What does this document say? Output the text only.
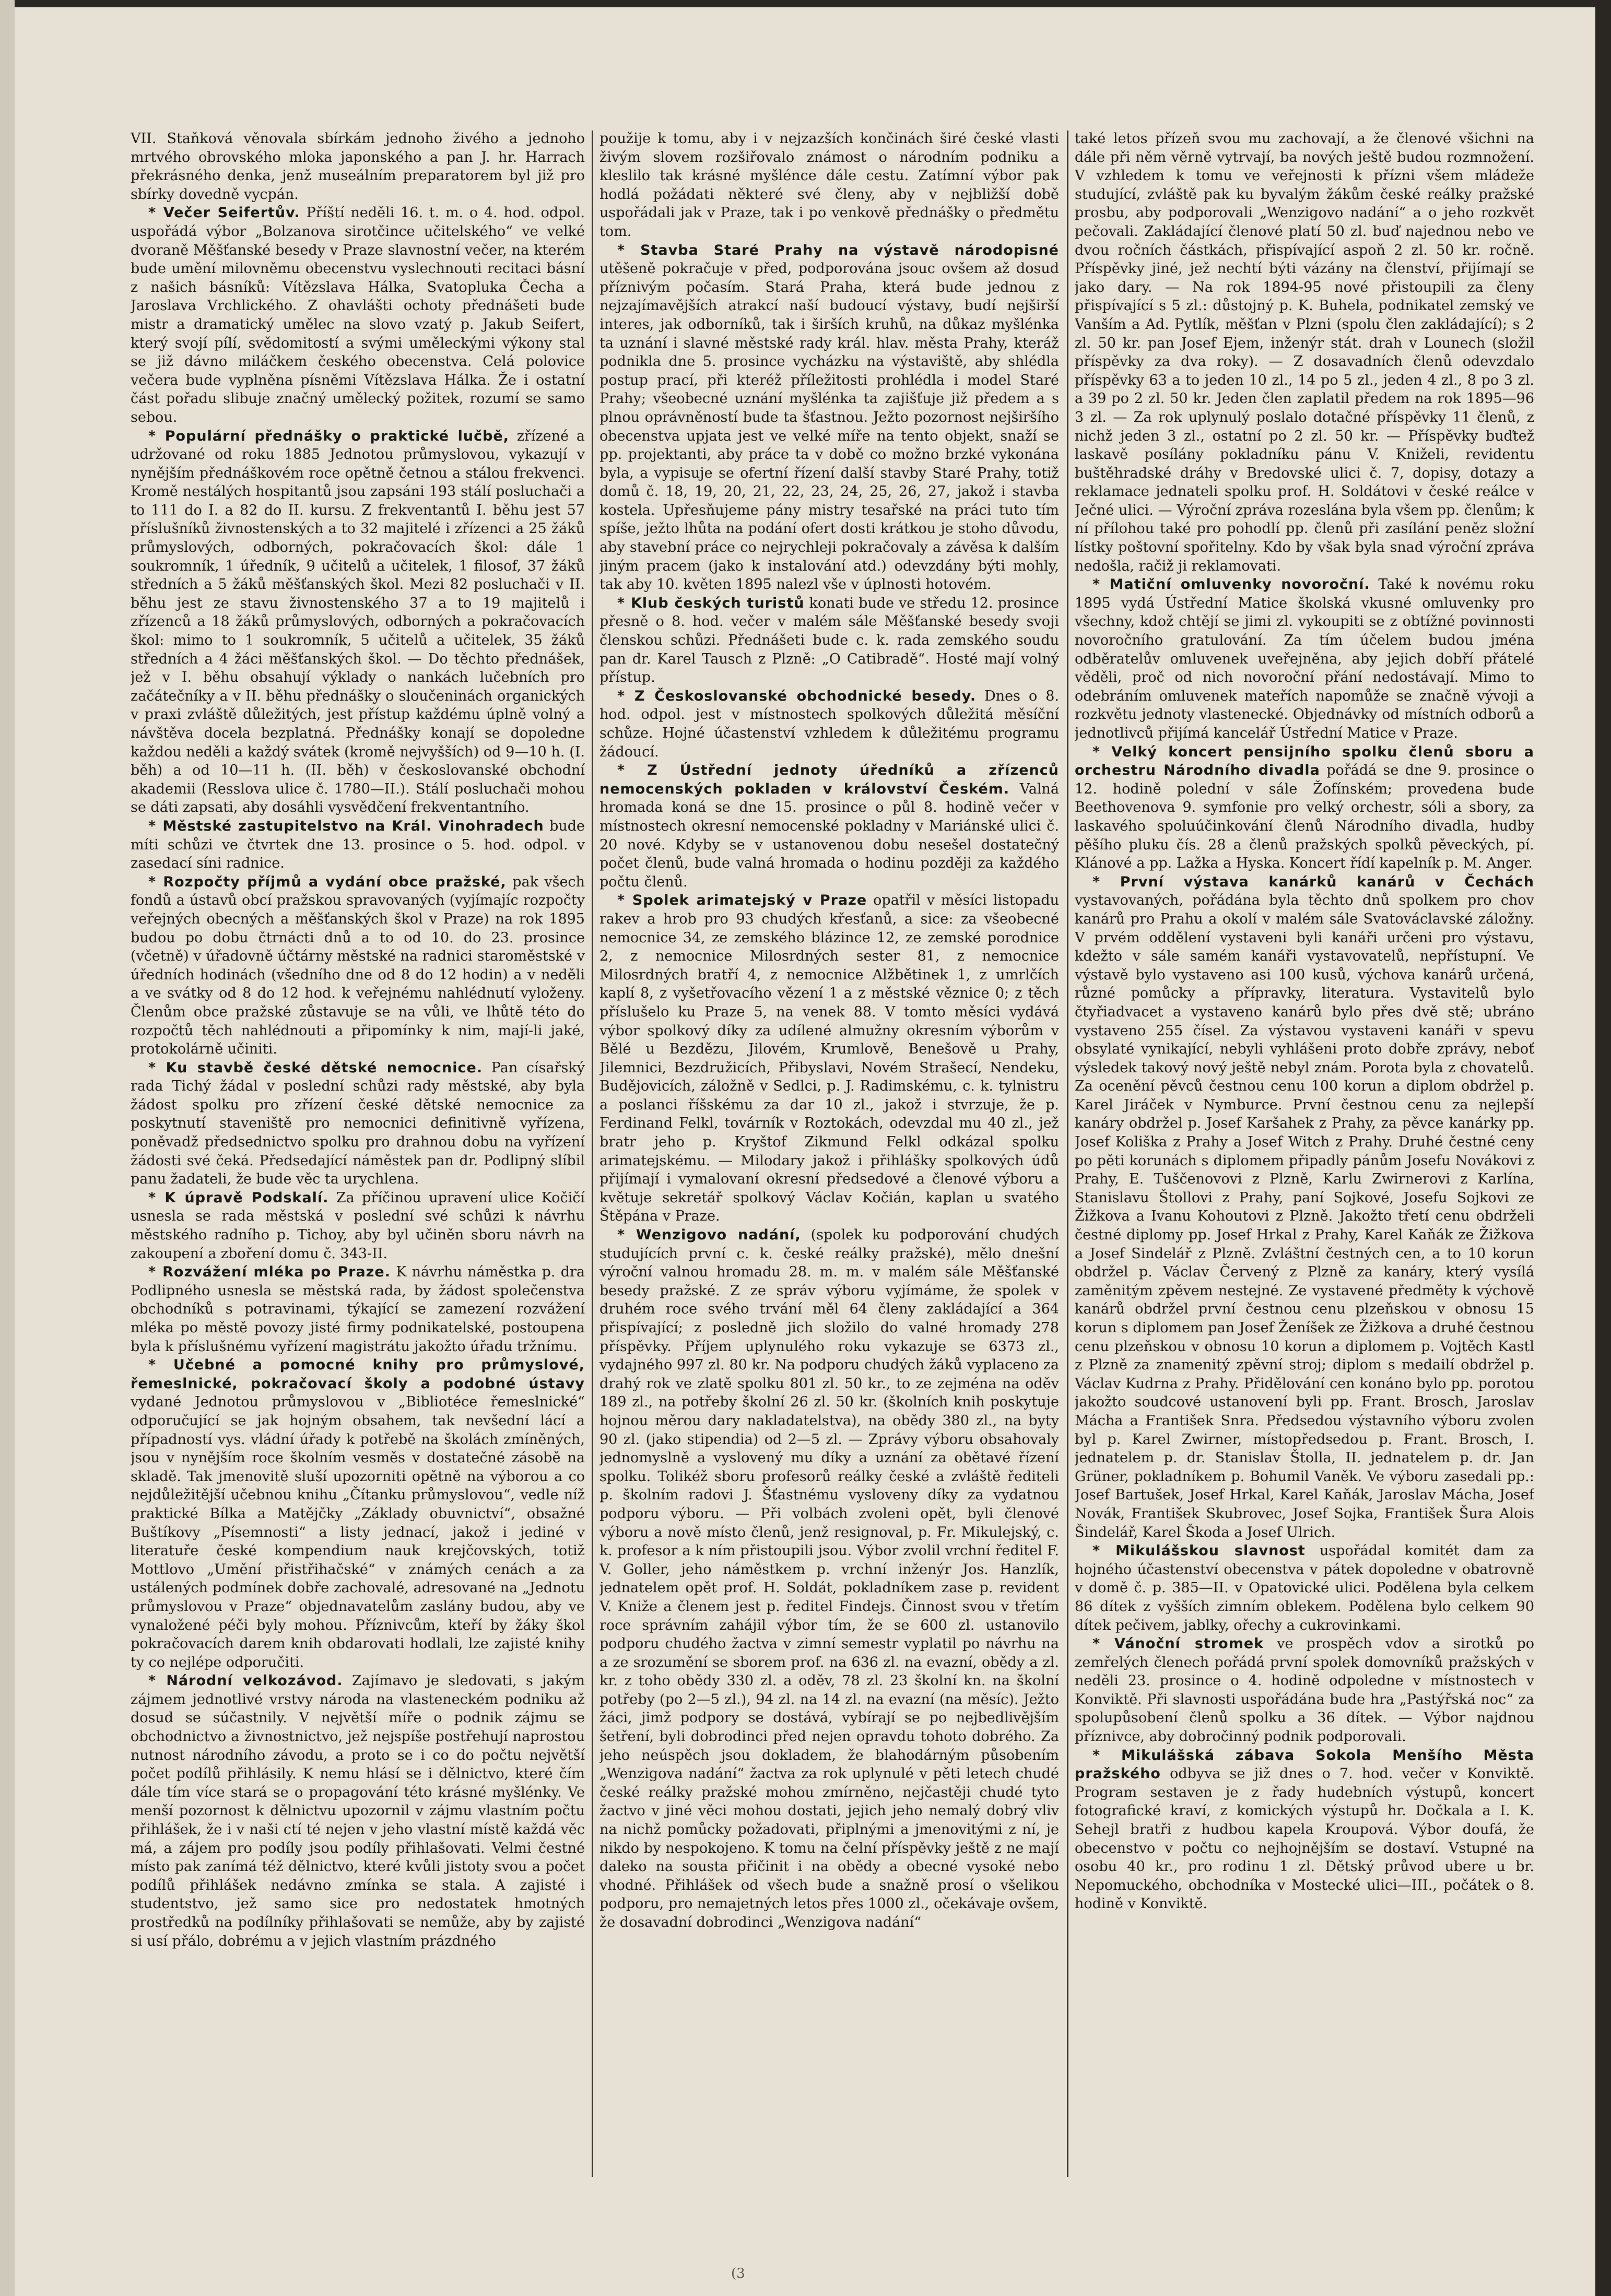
VII. Staňková věnovala sbírkám jednoho živého a jednoho mrtvého obrovského mloka japonského a pan J. hr. Harrach překrásného denka, jenž museálním preparatorem byl již pro sbírky dovedně vycpán.

* Večer Seifertův. Příští neděli 16. t. m. o 4. hod. odpol. uspořádá výbor „Bolzanova sirotčince učitelského“ ve velké dvoraně Měšťanské besedy v Praze slavnostní večer, na kterém bude umění milovněmu obecenstvu vyslechnouti recitaci básní z našich básníků: Vítězslava Hálka, Svatopluka Čecha a Jaroslava Vrchlického. Z ohavlášti ochoty přednášeti bude mistr a dramatický umělec na slovo vzatý p. Jakub Seifert, který svojí pílí, svědomitostí a svými uměleckými výkony stal se již dávno miláčkem českého obecenstva. Celá polovice večera bude vyplněna písněmi Vítězslava Hálka. Že i ostatní část pořadu slibuje značný umělecký požitek, rozumí se samo sebou.

* Populární přednášky o praktické lučbě, zřízené a udržované od roku 1885 Jednotou průmyslovou, vykazují v nynějším přednáškovém roce opětně četnou a stálou frekvenci. Kromě nestálých hospitantů jsou zapsáni 193 stálí posluchači a to 111 do I. a 82 do II. kursu. Z frekventantů I. běhu jest 57 příslušníků živnostenských a to 32 majitelé i zřízenci a 25 žáků průmyslových, odborných, pokračovacích škol: dále 1 soukromník, 1 úředník, 9 učitelů a učitelek, 1 filosof, 37 žáků středních a 5 žáků měšťanských škol. Mezi 82 posluchači v II. běhu jest ze stavu živnostenského 37 a to 19 majitelů i zřízenců a 18 žáků průmyslových, odborných a pokračovacích škol: mimo to 1 soukromník, 5 učitelů a učitelek, 35 žáků středních a 4 žáci měšťanských škol. — Do těchto přednášek, jež v I. běhu obsahují výklady o nankách lučebních pro začátečníky a v II. běhu přednášky o sloučeninách organických v praxi zvláště důležitých, jest přístup každému úplně volný a návštěva docela bezplatná. Přednášky konají se dopoledne každou neděli a každý svátek (kromě nejvyšších) od 9—10 h. (I. běh) a od 10—11 h. (II. běh) v českoslovanské obchodní akademii (Resslova ulice č. 1780—II.). Stálí posluchači mohou se dáti zapsati, aby dosáhli vysvědčení frekventantního.

* Městské zastupitelstvo na Král. Vinohradech bude míti schůzi ve čtvrtek dne 13. prosince o 5. hod. odpol. v zasedací síni radnice.

* Rozpočty příjmů a vydání obce pražské, pak všech fondů a ústavů obcí pražskou spravovaných (vyjímajíc rozpočty veřejných obecných a měšťanských škol v Praze) na rok 1895 budou po dobu čtrnácti dnů a to od 10. do 23. prosince (včetně) v úřadovně účtárny městské na radnici staroměstské v úředních hodinách (všedního dne od 8 do 12 hodin) a v neděli a ve svátky od 8 do 12 hod. k veřejnému nahlédnutí vyloženy. Členům obce pražské zůstavuje se na vůli, ve lhůtě této do rozpočtů těch nahlédnouti a připomínky k nim, mají-li jaké, protokolárně učiniti.

* Ku stavbě české dětské nemocnice. Pan císařský rada Tichý žádal v poslední schůzi rady městské, aby byla žádost spolku pro zřízení české dětské nemocnice za poskytnutí staveniště pro nemocnici definitivně vyřízena, poněvadž předsednictvo spolku pro drahnou dobu na vyřízení žádosti své čeká. Předsedající náměstek pan dr. Podlipný slíbil panu žadateli, že bude věc ta urychlena.

* K úpravě Podskalí. Za příčinou upravení ulice Kočičí usnesla se rada městská v poslední své schůzi k návrhu městského radního p. Tichoy, aby byl učiněn sboru návrh na zakoupení a zboření domu č. 343-II.

* Rozvážení mléka po Praze. K návrhu náměstka p. dra Podlipného usnesla se městská rada, by žádost společenstva obchodníků s potravinami, týkající se zamezení rozvážení mléka po městě povozy jisté firmy podnikatelské, postoupena byla k příslušnému vyřízení magistrátu jakožto úřadu tržnímu.

* Učebné a pomocné knihy pro průmyslové, řemeslnické, pokračovací školy a podobné ústavy vydané Jednotou průmyslovou v „Bibliotéce řemeslnické“ odporučující se jak hojným obsahem, tak nevšední lácí a případností vys. vládní úřady k potřebě na školách zmíněných, jsou v nynějším roce školním vesměs v dostatečné zásobě na skladě. Tak jmenovitě sluší upozorniti opětně na výborou a co nejdůležitější učebnou knihu „Čítanku průmyslovou“, vedle níž praktické Bílka a Matějčky „Základy obuvnictví“, obsažné Buštíkovy „Písemnosti“ a listy jednací, jakož i jediné v literatuře české kompendium nauk krejčovských, totiž Mottlovo „Umění přistřihačské“ v známých cenách a za ustálených podmínek dobře zachovalé, adresované na „Jednotu průmyslovou v Praze“ objednavatelům zaslány budou, aby ve vynaložené péči byly mohou. Příznivcům, kteří by žáky škol pokračovacích darem knih obdarovati hodlali, lze zajisté knihy ty co nejlépe odporučiti.

* Národní velkozávod. Zajímavo je sledovati, s jakým zájmem jednotlivé vrstvy národa na vlasteneckém podniku až dosud se súčastnily. V největší míře o podnik zájmu se obchodnictvo a živnostnictvo, jež nejspíše postřehují naprostou nutnost národního závodu, a proto se i co do počtu největší počet podílů přihlásily. K nemu hlásí se i dělnictvo, které čím dále tím více stará se o propagování této krásné myšlénky. Ve menší pozornost k dělnictvu upozornil v zájmu vlastním počtu přihlášek, že i v naši ctí té nejen v jeho vlastní místě každá věc má, a zájem pro podíly jsou podíly přihlašovati. Velmi čestné místo pak zanímá též dělnictvo, které kvůli jistoty svou a počet podílů přihlášek nedávno zmínka se stala. A zajisté i studentstvo, jež samo sice pro nedostatek hmotných prostředků na podílníky přihlašovati se nemůže, aby by zajisté si usí přálo, dobrému a v jejich vlastním prázdného

použije k tomu, aby i v nejzazších končinách širé české vlasti živým slovem rozšiřovalo známost o národním podniku a kleslilo tak krásné myšlénce dále cestu. Zatímní výbor pak hodlá požádati některé své členy, aby v nejbližší době uspořádali jak v Praze, tak i po venkově přednášky o předmětu tom.

* Stavba Staré Prahy na výstavě národopisné utěšeně pokračuje v před, podporována jsouc ovšem až dosud příznivým počasím. Stará Praha, která bude jednou z nejzajímavějších atrakcí naší budoucí výstavy, budí nejširší interes, jak odborníků, tak i širších kruhů, na důkaz myšlénka ta uznání i slavné městské rady král. hlav. města Prahy, kteráž podnikla dne 5. prosince vycházku na výstaviště, aby shlédla postup prací, při kteréž příležitosti prohlédla i model Staré Prahy; všeobecné uznání myšlénka ta zajišťuje již předem a s plnou oprávněností bude ta šťastnou. Ježto pozornost nejširšího obecenstva upjata jest ve velké míře na tento objekt, snaží se pp. projektanti, aby práce ta v době co možno brzké vykonána byla, a vypisuje se ofertní řízení další stavby Staré Prahy, totiž domů č. 18, 19, 20, 21, 22, 23, 24, 25, 26, 27, jakož i stavba kostela. Upřesňujeme pány mistry tesařské na práci tuto tím spíše, ježto lhůta na podání ofert dosti krátkou je stoho důvodu, aby stavební práce co nejrychleji pokračovaly a závěsa k dalším jiným pracem (jako k instalování atd.) odevzdány býti mohly, tak aby 10. květen 1895 nalezl vše v úplnosti hotovém.

* Klub českých turistů konati bude ve středu 12. prosince přesně o 8. hod. večer v malém sále Měšťanské besedy svoji členskou schůzi. Přednášeti bude c. k. rada zemského soudu pan dr. Karel Tausch z Plzně: „O Catibradě“. Hosté mají volný přístup.

* Z Českoslovanské obchodnické besedy. Dnes o 8. hod. odpol. jest v místnostech spolkových důležitá měsíční schůze. Hojné účastenství vzhledem k důležitému programu žádoucí.

* Z Ústřední jednoty úředníků a zřízenců nemocenských pokladen v království Českém. Valná hromada koná se dne 15. prosince o půl 8. hodině večer v místnostech okresní nemocenské pokladny v Mariánské ulici č. 20 nové. Kdyby se v ustanovenou dobu nesešel dostatečný počet členů, bude valná hromada o hodinu později za každého počtu členů.

* Spolek arimatejský v Praze opatřil v měsíci listopadu rakev a hrob pro 93 chudých křesťanů, a sice: za všeobecné nemocnice 34, ze zemského blázince 12, ze zemské porodnice 2, z nemocnice Milosrdných sester 81, z nemocnice Milosrdných bratří 4, z nemocnice Alžbětinek 1, z umrlčích kaplí 8, z vyšetřovacího vězení 1 a z městské věznice 0; z těch příslušelo ku Praze 5, na venek 88. V tomto měsíci vydává výbor spolkový díky za udílené almužny okresním výborům v Bělé u Bezdězu, Jilovém, Krumlově, Benešově u Prahy, Jilemnici, Bezdružicích, Přibyslavi, Novém Strašecí, Nendeku, Budějovicích, záložně v Sedlci, p. J. Radimskému, c. k. tylnistru a poslanci říšskému za dar 10 zl., jakož i stvrzuje, že p. Ferdinand Felkl, továrník v Roztokách, odevzdal mu 40 zl., jež bratr jeho p. Kryštof Zikmund Felkl odkázal spolku arimatejskému. — Milodary jakož i přihlášky spolkových údů přijímají i vymalovaní okresní předsedové a členové výboru a květuje sekretář spolkový Václav Kočián, kaplan u svatého Štěpána v Praze.

* Wenzigovo nadání, (spolek ku podporování chudých studujících první c. k. české reálky pražské), mělo dnešní výroční valnou hromadu 28. m. m. v malém sále Měšťanské besedy pražské. Z ze správ výboru vyjímáme, že spolek v druhém roce svého trvání měl 64 členy zakládající a 364 přispívající; z posledně jich složilo do valné hromady 278 příspěvky. Příjem uplynulého roku vykazuje se 6373 zl., vydajného 997 zl. 80 kr. Na podporu chudých žáků vyplaceno za drahý rok ve zlatě spolku 801 zl. 50 kr., to ze zejména na oděv 189 zl., na potřeby školní 26 zl. 50 kr. (školních knih poskytuje hojnou měrou dary nakladatelstva), na obědy 380 zl., na byty 90 zl. (jako stipendia) od 2—5 zl. — Zprávy výboru obsahovaly jednomyslně a vyslovený mu díky a uznání za obětavé řízení spolku. Tolikéž sboru profesorů reálky české a zvláště řediteli p. školním radovi J. Šťastnému vysloveny díky za vydatnou podporu výboru. — Při volbách zvoleni opět, byli členové výboru a nově místo členů, jenž resignoval, p. Fr. Mikulejský, c. k. profesor a k ním přistoupili jsou. Výbor zvolil vrchní ředitel F. V. Goller, jeho náměstkem p. vrchní inženýr Jos. Hanzlík, jednatelem opět prof. H. Soldát, pokladníkem zase p. revident V. Kniže a členem jest p. ředitel Findejs. Činnost svou v třetím roce správním zahájil výbor tím, že se 600 zl. ustanovilo podporu chudého žactva v zimní semestr vyplatil po návrhu na a ze srozumění se sborem prof. na 636 zl. na evazní, obědy a zl. kr. z toho obědy 330 zl. a oděv, 78 zl. 23 školní kn. na školní potřeby (po 2—5 zl.), 94 zl. na 14 zl. na evazní (na měsíc). Ježto žáci, jimž podpory se dostává, vybírají se po nejbedlivějším šetření, byli dobrodinci před nejen opravdu tohoto dobrého. Za jeho neúspěch jsou dokladem, že blahodárným působením „Wenzigova nadání“ žactva za rok uplynulé v pěti letech chudé české reálky pražské mohou zmírněno, nejčastěji chudé tyto žactvo v jiné věci mohou dostati, jejich jeho nemalý dobrý vliv na nichž pomůcky požadovati, připlnými a jmenovitými z ní, je nikdo by nespokojeno. K tomu na čelní příspěvky ještě z ne mají daleko na sousta přičinit i na obědy a obecné vysoké nebo vhodné. Přihlášek od všech bude a snažně prosí o všelikou podporu, pro nemajetných letos přes 1000 zl., očekávaje ovšem, že dosavadní dobrodinci „Wenzigova nadání“

také letos přízeň svou mu zachovají, a že členové všichni na dále při něm věrně vytrvají, ba nových ještě budou rozmnožení. V vzhledem k tomu ve veřejnosti k přízni všem mládeže studující, zvláště pak ku byvalým žákům české reálky pražské prosbu, aby podporovali „Wenzigovo nadání“ a o jeho rozkvět pečovali. Zakládající členové platí 50 zl. buď najednou nebo ve dvou ročních částkách, přispívající aspoň 2 zl. 50 kr. ročně. Příspěvky jiné, jež nechtí býti vázány na členství, přijímají se jako dary. — Na rok 1894-95 nové přistoupili za členy přispívající s 5 zl.: důstojný p. K. Buhela, podnikatel zemský ve Vanším a Ad. Pytlík, měšťan v Plzni (spolu člen zakládající); s 2 zl. 50 kr. pan Josef Ejem, inženýr stát. drah v Lounech (složil příspěvky za dva roky). — Z dosavadních členů odevzdalo příspěvky 63 a to jeden 10 zl., 14 po 5 zl., jeden 4 zl., 8 po 3 zl. a 39 po 2 zl. 50 kr. Jeden člen zaplatil předem na rok 1895—96 3 zl. — Za rok uplynulý poslalo dotačné příspěvky 11 členů, z nichž jeden 3 zl., ostatní po 2 zl. 50 kr. — Příspěvky buďtež laskavě posílány pokladníku pánu V. Kniželi, revidentu buštěhradské dráhy v Bredovské ulici č. 7, dopisy, dotazy a reklamace jednateli spolku prof. H. Soldátovi v české reálce v Ječné ulici. — Výroční zpráva rozeslána byla všem pp. členům; k ní přílohou také pro pohodlí pp. členů při zasílání peněz složní lístky poštovní spořitelny. Kdo by však byla snad výroční zpráva nedošla, račiž ji reklamovati.

* Matiční omluvenky novoroční. Také k novému roku 1895 vydá Ústřední Matice školská vkusné omluvenky pro všechny, kdož chtějí se jimi zl. vykoupiti se z obtížné povinnosti novoročního gratulování. Za tím účelem budou jména odběratelův omluvenek uveřejněna, aby jejich dobří přátelé věděli, proč od nich novoroční přání nedostávají. Mimo to odebráním omluvenek mateřích napomůže se značně vývoji a rozkvětu jednoty vlastenecké. Objednávky od místních odborů a jednotlivců přijímá kancelář Ústřední Matice v Praze.

* Velký koncert pensijního spolku členů sboru a orchestru Národního divadla pořádá se dne 9. prosince o 12. hodině polední v sále Žofínském; provedena bude Beethovenova 9. symfonie pro velký orchestr, sóli a sbory, za laskavého spoluúčinkování členů Národního divadla, hudby pěšího pluku čís. 28 a členů pražských spolků pěveckých, pí. Klánové a pp. Lažka a Hyska. Koncert řídí kapelník p. M. Anger.

* První výstava kanárků kanárů v Čechách vystavovaných, pořádána byla těchto dnů spolkem pro chov kanárů pro Prahu a okolí v malém sále Svatováclavské záložny. V prvém oddělení vystaveni byli kanáři určeni pro výstavu, kdežto v sále samém kanáři vystavovatelů, nepřístupní. Ve výstavě bylo vystaveno asi 100 kusů, výchova kanárů určená, různé pomůcky a přípravky, literatura. Vystavitelů bylo čtyřiadvacet a vystaveno kanárů bylo přes dvě stě; ubráno vystaveno 255 čísel. Za výstavou vystaveni kanáři v spevu obsylaté vynikající, nebyli vyhlášeni proto dobře zprávy, neboť výsledek takový nový ještě nebyl znám. Porota byla z chovatelů. Za ocenění pěvců čestnou cenu 100 korun a diplom obdržel p. Karel Jiráček v Nymburce. První čestnou cenu za nejlepší kanáry obdržel p. Josef Karšahek z Prahy, za pěvce kanárky pp. Josef Koliška z Prahy a Josef Witch z Prahy. Druhé čestné ceny po pěti korunách s diplomem připadly pánům Josefu Novákovi z Prahy, E. Tuščenovovi z Plzně, Karlu Zwirnerovi z Karlína, Stanislavu Štollovi z Prahy, paní Sojkové, Josefu Sojkovi ze Žižkova a Ivanu Kohoutovi z Plzně. Jakožto třetí cenu obdrželi čestné diplomy pp. Josef Hrkal z Prahy, Karel Kaňák ze Žižkova a Josef Sindelář z Plzně. Zvláštní čestných cen, a to 10 korun obdržel p. Václav Červený z Plzně za kanáry, který vysílá zaměnitým zpěvem nestejné. Ze vystavené předměty k výchově kanárů obdržel první čestnou cenu plzeňskou v obnosu 15 korun s diplomem pan Josef Ženíšek ze Žižkova a druhé čestnou cenu plzeňskou v obnosu 10 korun a diplomem p. Vojtěch Kastl z Plzně za znamenitý zpěvní stroj; diplom s medailí obdržel p. Václav Kudrna z Prahy. Přidělování cen konáno bylo pp. porotou jakožto soudcové ustanovení byli pp. Frant. Brosch, Jaroslav Mácha a František Snra. Předsedou výstavního výboru zvolen byl p. Karel Zwirner, místopředsedou p. Frant. Brosch, I. jednatelem p. dr. Stanislav Štolla, II. jednatelem p. dr. Jan Grüner, pokladníkem p. Bohumil Vaněk. Ve výboru zasedali pp.: Josef Bartušek, Josef Hrkal, Karel Kaňák, Jaroslav Mácha, Josef Novák, František Skubrovec, Josef Sojka, František Šura Alois Šindelář, Karel Škoda a Josef Ulrich.

* Mikulášskou slavnost uspořádal komitét dam za hojného účastenství obecenstva v pátek dopoledne v obatrovně v domě č. p. 385—II. v Opatovické ulici. Podělena byla celkem 86 dítek z vyšších zimním oblekem. Podělena bylo celkem 90 dítek pečivem, jablky, ořechy a cukrovinkami.

* Vánoční stromek ve prospěch vdov a sirotků po zemřelých členech pořádá první spolek domovníků pražských v neděli 23. prosince o 4. hodině odpoledne v místnostech v Konviktě. Při slavnosti uspořádána bude hra „Pastýřská noc“ za spolupůsobení členů spolku a 36 dítek. — Výbor najdnou příznivce, aby dobročinný podnik podporovali.

* Mikulášská zábava Sokola Menšího Města pražského odbyva se již dnes o 7. hod. večer v Konviktě. Program sestaven je z řady hudebních výstupů, koncert fotografické kraví, z komických výstupů hr. Dočkala a I. K. Sehejl bratři z hudbou kapela Kroupová. Výbor doufá, že obecenstvo v počtu co nejhojnějším se dostaví. Vstupné na osobu 40 kr., pro rodinu 1 zl. Dětský průvod ubere u br. Nepomuckého, obchodníka v Mostecké ulici—III., počátek o 8. hodině v Konviktě.

(3
